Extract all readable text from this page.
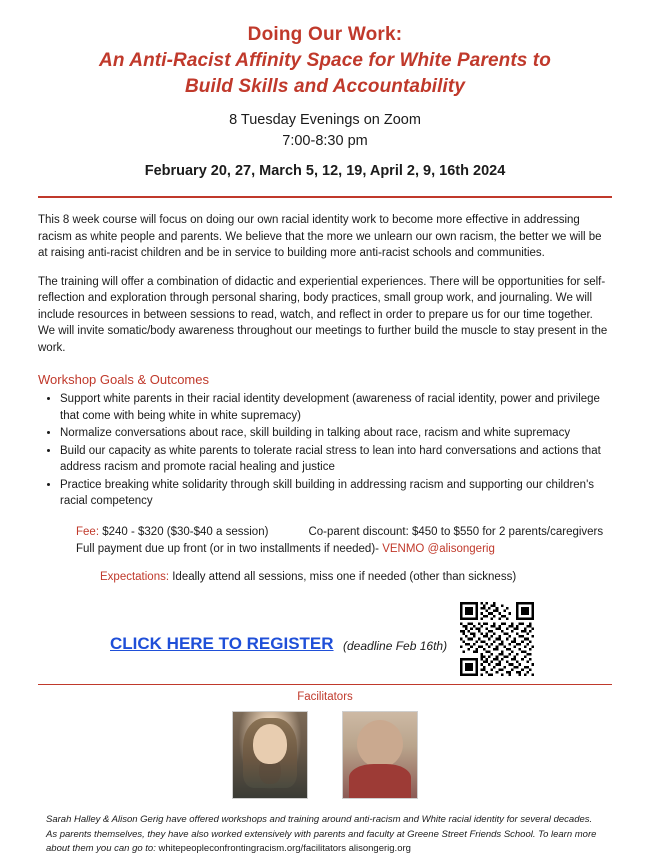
Doing Our Work:
An Anti-Racist Affinity Space for White Parents to
Build Skills and Accountability
8 Tuesday Evenings on Zoom
7:00-8:30 pm
February 20, 27, March 5, 12, 19, April 2, 9, 16th 2024
This 8 week course will focus on doing our own racial identity work to become more effective in addressing racism as white people and parents. We believe that the more we unlearn our own racism, the better we will be at raising anti-racist children and be in service to building more anti-racist schools and communities.
The training will offer a combination of didactic and experiential experiences. There will be opportunities for self-reflection and exploration through personal sharing, body practices, small group work, and journaling. We will include resources in between sessions to read, watch, and reflect in order to prepare us for our time together. We will invite somatic/body awareness throughout our meetings to further build the muscle to stay present in the work.
Workshop Goals & Outcomes
• Support white parents in their racial identity development (awareness of racial identity, power and privilege that come with being white in white supremacy)
• Normalize conversations about race, skill building in talking about race, racism and white supremacy
• Build our capacity as white parents to tolerate racial stress to lean into hard conversations and actions that address racism and promote racial healing and justice
• Practice breaking white solidarity through skill building in addressing racism and supporting our children's racial competency
Fee: $240 - $320 ($30-$40 a session)	Co-parent discount: $450 to $550 for 2 parents/caregivers
Full payment due up front (or in two installments if needed)- VENMO @alisongerig
Expectations: Ideally attend all sessions, miss one if needed (other than sickness)
CLICK HERE TO REGISTER (deadline Feb 16th)
Facilitators
Sarah Halley & Alison Gerig have offered workshops and training around anti-racism and White racial identity for several decades. As parents themselves, they have also worked extensively with parents and faculty at Greene Street Friends School. To learn more about them you can go to: whitepeopleconfrontingracism.org/facilitators alisongerig.org
